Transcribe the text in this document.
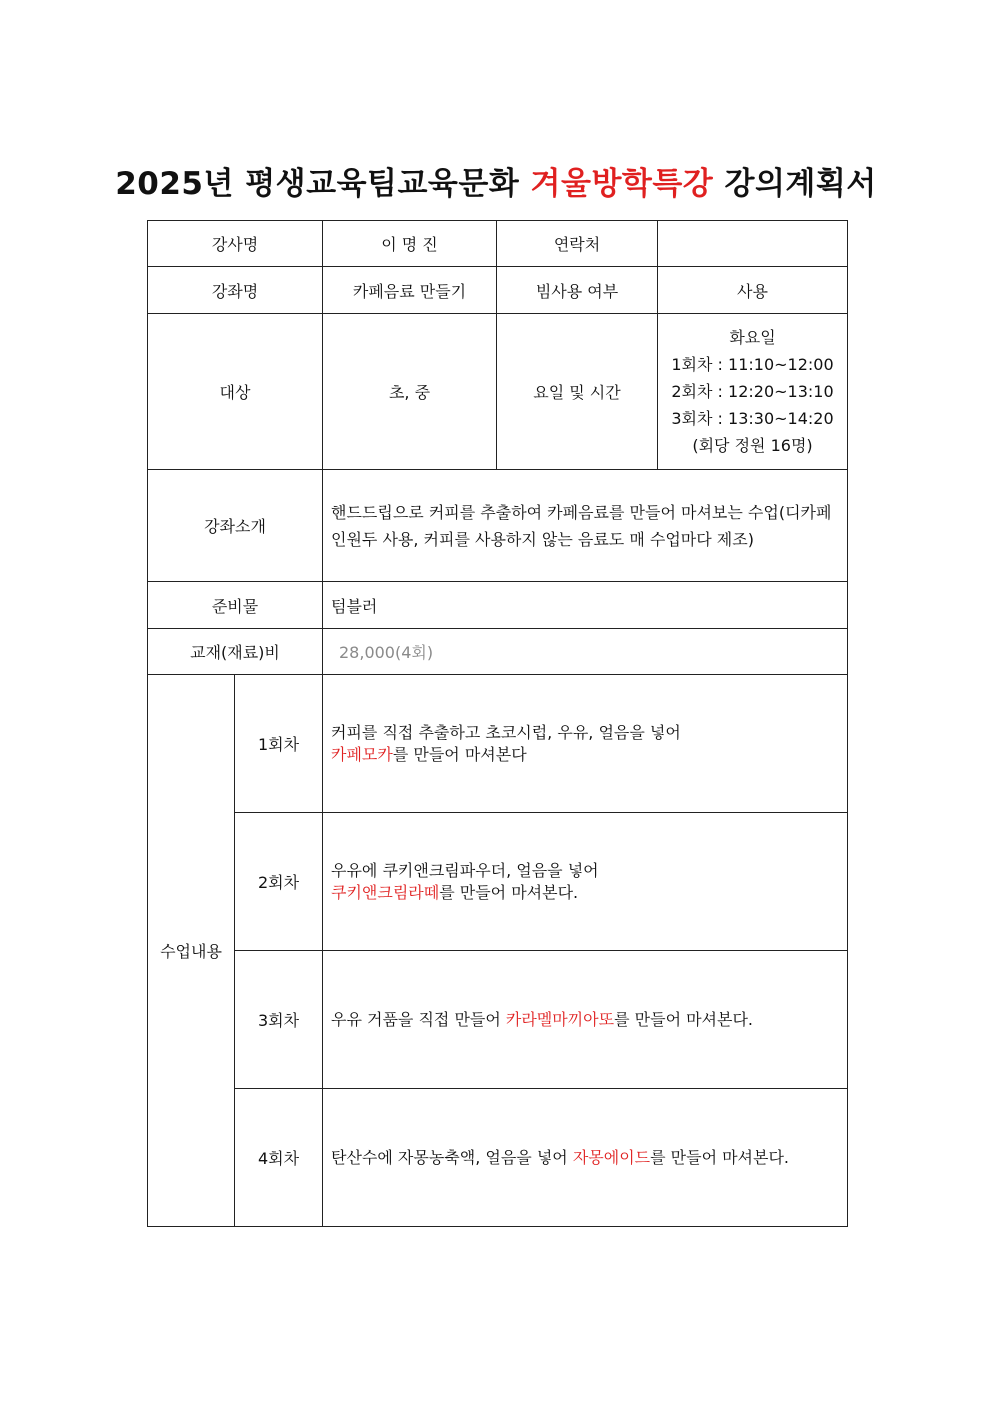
2025년 평생교육팀교육문화 겨울방학특강 강의계획서
강사명		이 명 진	연락처	
강좌명		카페음료 만들기	빔사용 여부	사용
대상		초, 중	요일 및 시간	화요일
1회차 : 11:10~12:00
2회차 : 12:20~13:10
3회차 : 13:30~14:20
(회당 정원 16명)

강좌소개		핸드드립으로 커피를 추출하여 카페음료를 만들어 마셔보는 수업(디카페인원두 사용, 커피를 사용하지 않는 음료도 매 수업마다 제조)		
준비물		텀블러		
교재(재료)비		28,000(4회)		
수업내용	1회차	커피를 직접 추출하고 초코시럽, 우유, 얼음을 넣어
카페모카를 만들어 마셔본다		

	2회차	우유에 쿠키앤크림파우더, 얼음을 넣어
쿠키앤크림라떼를 만들어 마셔본다.		

	3회차	우유 거품을 직접 만들어 카라멜마끼아또를 만들어 마셔본다.		

	4회차	탄산수에 자몽농축액, 얼음을 넣어 자몽에이드를 만들어 마셔본다.		
